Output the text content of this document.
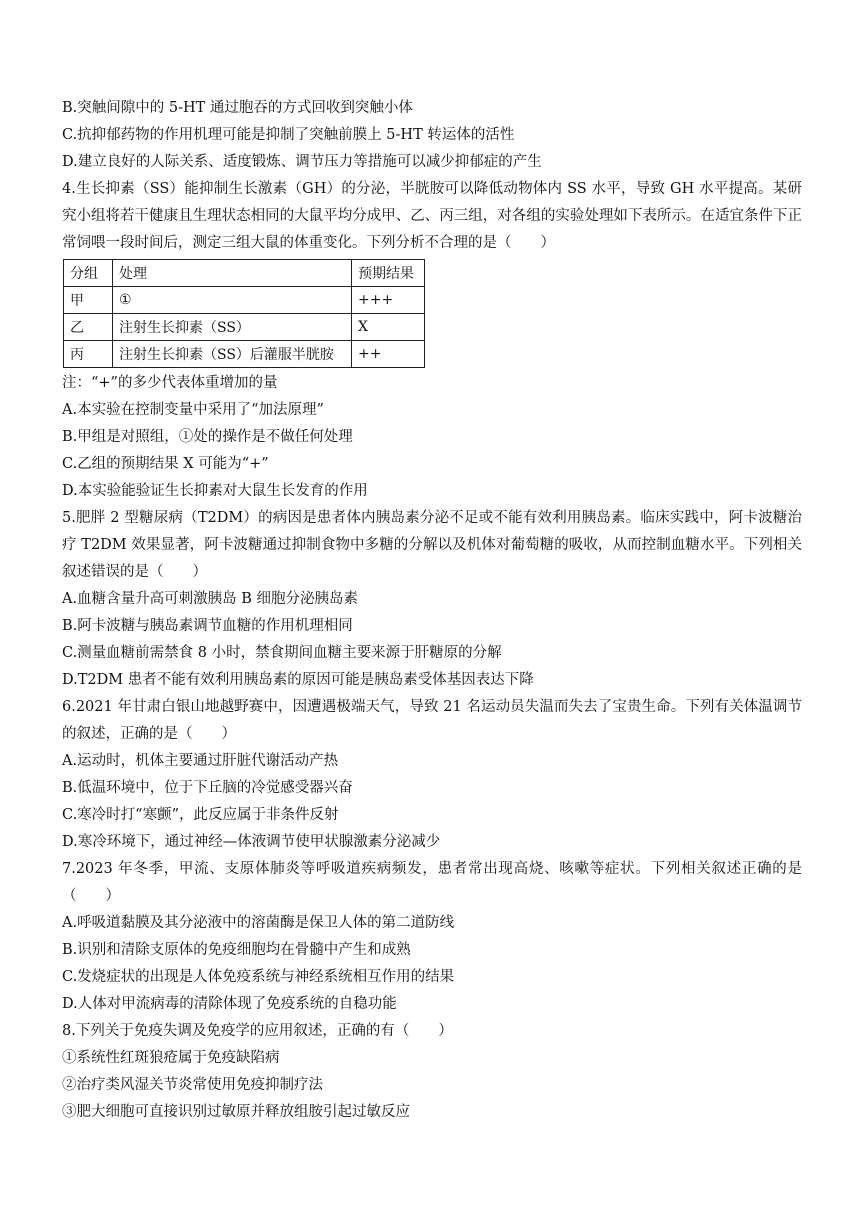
B.突触间隙中的 5-HT 通过胞吞的方式回收到突触小体
C.抗抑郁药物的作用机理可能是抑制了突触前膜上 5-HT 转运体的活性
D.建立良好的人际关系、适度锻炼、调节压力等措施可以减少抑郁症的产生
4.生长抑素（SS）能抑制生长激素（GH）的分泌，半胱胺可以降低动物体内 SS 水平，导致 GH 水平提高。某研究小组将若干健康且生理状态相同的大鼠平均分成甲、乙、丙三组，对各组的实验处理如下表所示。在适宜条件下正常饲喂一段时间后，测定三组大鼠的体重变化。下列分析不合理的是（　　）
分组	处理	预期结果
甲	①	+++
乙	注射生长抑素（SS）	X
丙	注射生长抑素（SS）后灌服半胱胺	++
注：“+”的多少代表体重增加的量
A.本实验在控制变量中采用了“加法原理”
B.甲组是对照组，①处的操作是不做任何处理
C.乙组的预期结果 X 可能为“+”
D.本实验能验证生长抑素对大鼠生长发育的作用
5.肥胖 2 型糖尿病（T2DM）的病因是患者体内胰岛素分泌不足或不能有效利用胰岛素。临床实践中，阿卡波糖治疗 T2DM 效果显著，阿卡波糖通过抑制食物中多糖的分解以及机体对葡萄糖的吸收，从而控制血糖水平。下列相关叙述错误的是（　　）
A.血糖含量升高可刺激胰岛 B 细胞分泌胰岛素
B.阿卡波糖与胰岛素调节血糖的作用机理相同
C.测量血糖前需禁食 8 小时，禁食期间血糖主要来源于肝糖原的分解
D.T2DM 患者不能有效利用胰岛素的原因可能是胰岛素受体基因表达下降
6.2021 年甘肃白银山地越野赛中，因遭遇极端天气，导致 21 名运动员失温而失去了宝贵生命。下列有关体温调节的叙述，正确的是（　　）
A.运动时，机体主要通过肝脏代谢活动产热
B.低温环境中，位于下丘脑的冷觉感受器兴奋
C.寒冷时打“寒颤”，此反应属于非条件反射
D.寒冷环境下，通过神经—体液调节使甲状腺激素分泌减少
7.2023 年冬季，甲流、支原体肺炎等呼吸道疾病频发，患者常出现高烧、咳嗽等症状。下列相关叙述正确的是（　　）
A.呼吸道黏膜及其分泌液中的溶菌酶是保卫人体的第二道防线
B.识别和清除支原体的免疫细胞均在骨髓中产生和成熟
C.发烧症状的出现是人体免疫系统与神经系统相互作用的结果
D.人体对甲流病毒的清除体现了免疫系统的自稳功能
8.下列关于免疫失调及免疫学的应用叙述，正确的有（　　）
①系统性红斑狼疮属于免疫缺陷病
②治疗类风湿关节炎常使用免疫抑制疗法
③肥大细胞可直接识别过敏原并释放组胺引起过敏反应
